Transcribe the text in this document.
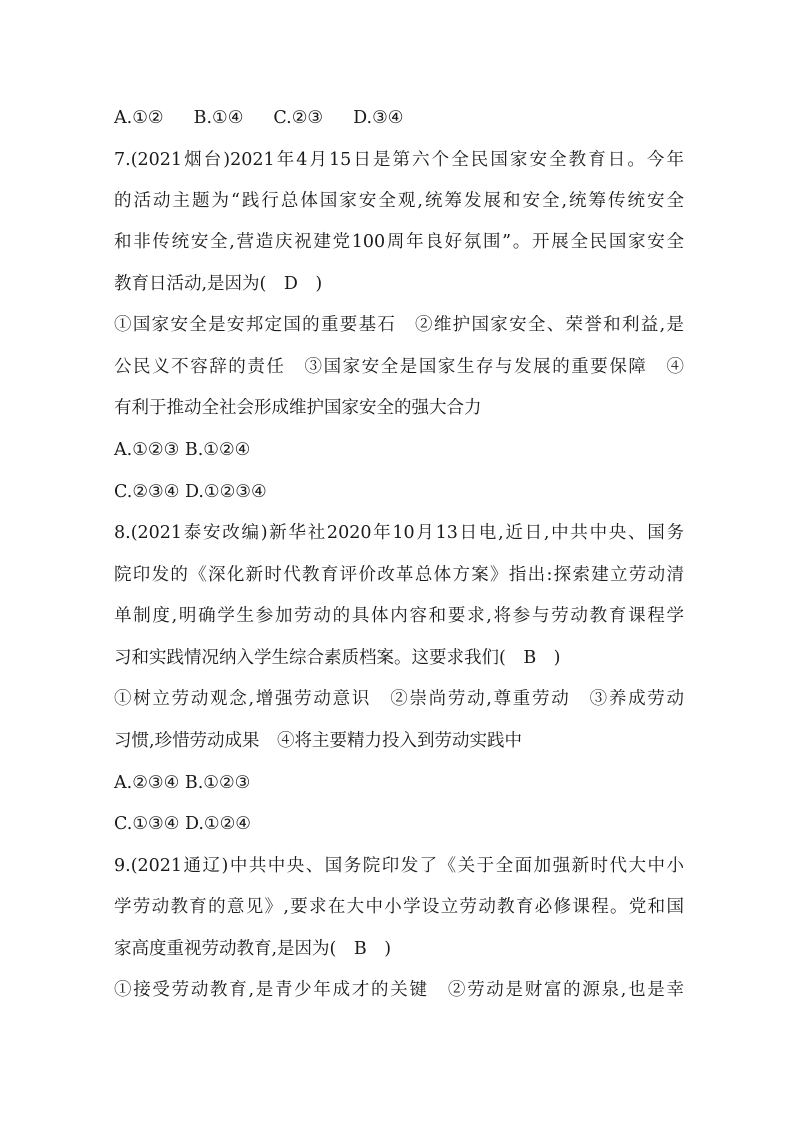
A.①② B.①④ C.②③ D.③④
7.(2021烟台)2021年4月15日是第六个全民国家安全教育日。今年
的活动主题为“践行总体国家安全观,统筹发展和安全,统筹传统安全
和非传统安全,营造庆祝建党100周年良好氛围”。开展全民国家安全
教育日活动,是因为(　D　)
①国家安全是安邦定国的重要基石　②维护国家安全、荣誉和利益,是
公民义不容辞的责任　③国家安全是国家生存与发展的重要保障　④
有利于推动全社会形成维护国家安全的强大合力
A.①②③ B.①②④
C.②③④ D.①②③④
8.(2021泰安改编)新华社2020年10月13日电,近日,中共中央、国务
院印发的《深化新时代教育评价改革总体方案》指出:探索建立劳动清
单制度,明确学生参加劳动的具体内容和要求,将参与劳动教育课程学
习和实践情况纳入学生综合素质档案。这要求我们(　B　)
①树立劳动观念,增强劳动意识　②崇尚劳动,尊重劳动　③养成劳动
习惯,珍惜劳动成果　④将主要精力投入到劳动实践中
A.②③④ B.①②③
C.①③④ D.①②④
9.(2021通辽)中共中央、国务院印发了《关于全面加强新时代大中小
学劳动教育的意见》,要求在大中小学设立劳动教育必修课程。党和国
家高度重视劳动教育,是因为(　B　)
①接受劳动教育,是青少年成才的关键　②劳动是财富的源泉,也是幸
